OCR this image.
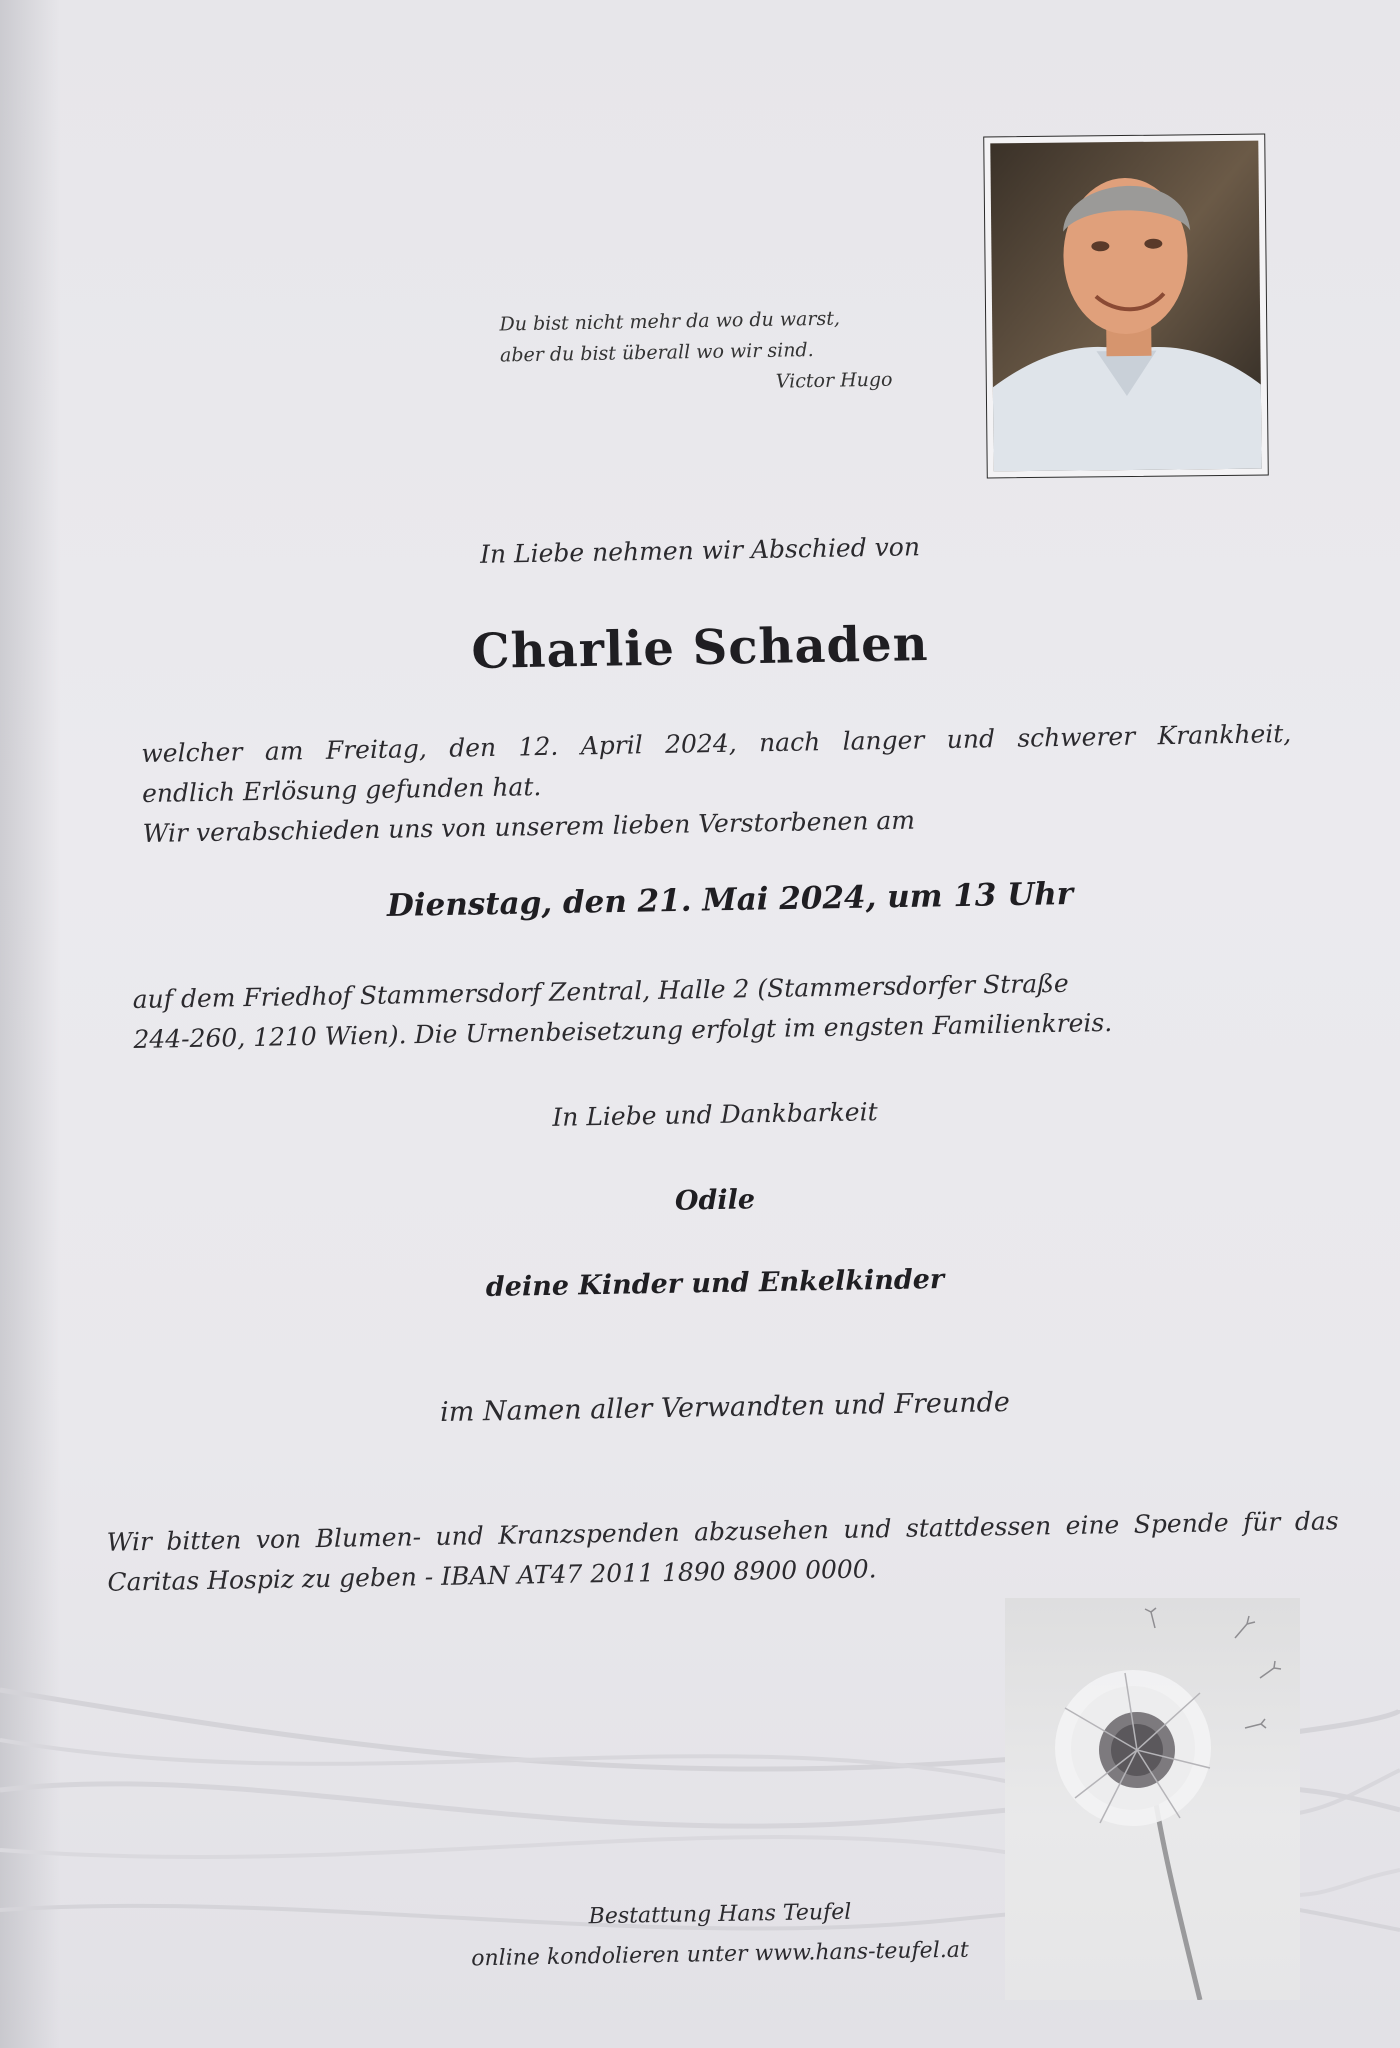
Du bist nicht mehr da wo du warst,
aber du bist überall wo wir sind.

Victor Hugo
In Liebe nehmen wir Abschied von
Charlie Schaden
welcher am Freitag, den 12. April 2024, nach langer und schwerer Krankheit,
endlich Erlösung gefunden hat.
Wir verabschieden uns von unserem lieben Verstorbenen am
Dienstag, den 21. Mai 2024, um 13 Uhr
auf dem Friedhof Stammersdorf Zentral, Halle 2 (Stammersdorfer Straße
244-260, 1210 Wien). Die Urnenbeisetzung erfolgt im engsten Familienkreis.
In Liebe und Dankbarkeit
Odile
deine Kinder und Enkelkinder
im Namen aller Verwandten und Freunde
Wir bitten von Blumen- und Kranzspenden abzusehen und stattdessen eine Spende für das
Caritas Hospiz zu geben - IBAN AT47 2011 1890 8900 0000.
Bestattung Hans Teufel
online kondolieren unter www.hans-teufel.at
